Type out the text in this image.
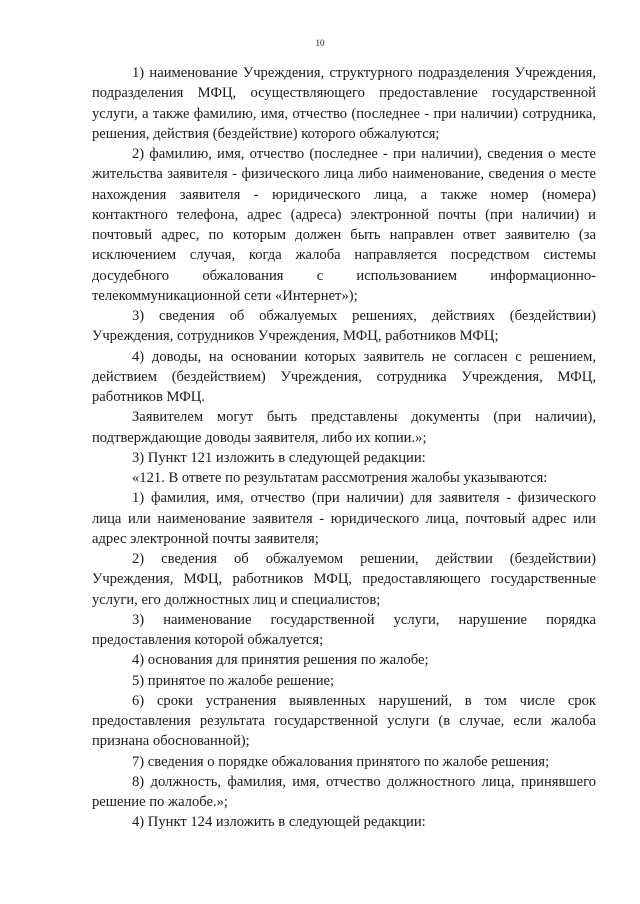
10

1) наименование Учреждения, структурного подразделения Учреждения, подразделения МФЦ, осуществляющего предоставление государственной услуги, а также фамилию, имя, отчество (последнее - при наличии) сотрудника, решения, действия (бездействие) которого обжалуются;

2) фамилию, имя, отчество (последнее - при наличии), сведения о месте жительства заявителя - физического лица либо наименование, сведения о месте нахождения заявителя - юридического лица, а также номер (номера) контактного телефона, адрес (адреса) электронной почты (при наличии) и почтовый адрес, по которым должен быть направлен ответ заявителю (за исключением случая, когда жалоба направляется посредством системы досудебного обжалования с использованием информационно-телекоммуникационной сети «Интернет»);

3) сведения об обжалуемых решениях, действиях (бездействии) Учреждения, сотрудников Учреждения, МФЦ, работников МФЦ;

4) доводы, на основании которых заявитель не согласен с решением, действием (бездействием) Учреждения, сотрудника Учреждения, МФЦ, работников МФЦ.

Заявителем могут быть представлены документы (при наличии), подтверждающие доводы заявителя, либо их копии.»;

3) Пункт 121 изложить в следующей редакции:

«121. В ответе по результатам рассмотрения жалобы указываются:

1) фамилия, имя, отчество (при наличии) для заявителя - физического лица или наименование заявителя - юридического лица, почтовый адрес или адрес электронной почты заявителя;

2) сведения об обжалуемом решении, действии (бездействии) Учреждения, МФЦ, работников МФЦ, предоставляющего государственные услуги, его должностных лиц и специалистов;

3) наименование государственной услуги, нарушение порядка предоставления которой обжалуется;

4) основания для принятия решения по жалобе;

5) принятое по жалобе решение;

6) сроки устранения выявленных нарушений, в том числе срок предоставления результата государственной услуги (в случае, если жалоба признана обоснованной);

7) сведения о порядке обжалования принятого по жалобе решения;

8) должность, фамилия, имя, отчество должностного лица, принявшего решение по жалобе.»;

4) Пункт 124 изложить в следующей редакции:
